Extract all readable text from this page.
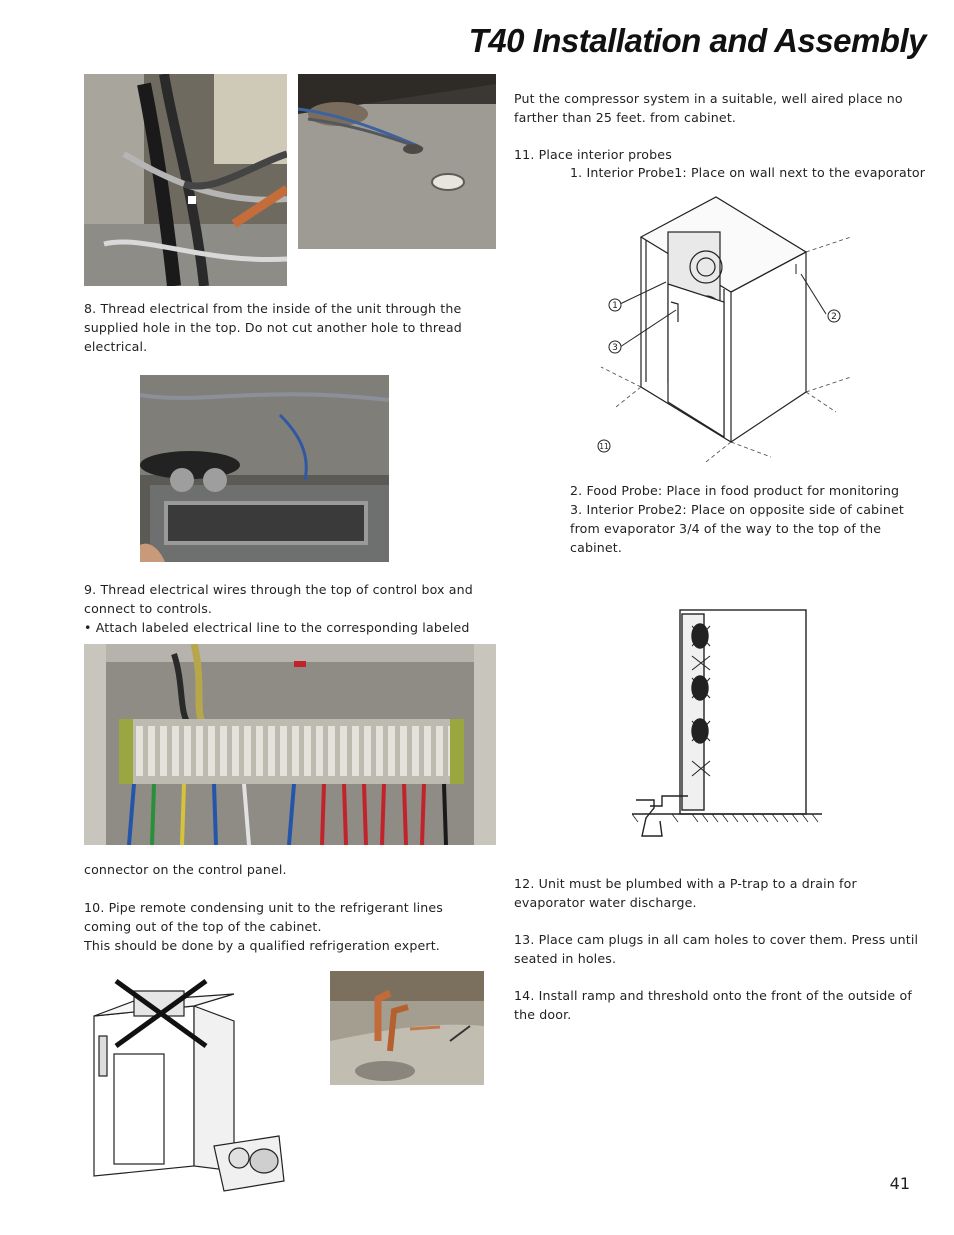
T40 Installation and Assembly
8. Thread electrical from the inside of the unit through the supplied hole in the top. Do not cut another hole to thread electrical.
9. Thread electrical wires through the top of control box and connect to controls.
• Attach labeled electrical line to the corresponding labeled
connector on the control panel.
10. Pipe remote condensing unit to the refrigerant lines coming out of the top of the cabinet.
This should be done by a qualified refrigeration expert.
Put the compressor system in a suitable, well aired place no farther than 25 feet. from cabinet.
11. Place interior probes
1. Interior Probe1: Place on wall next to the evaporator
1
2
3
11
2. Food Probe: Place in food product for monitoring
3. Interior Probe2: Place on opposite side of cabinet from evaporator 3/4 of the way to the top of the cabinet.
12. Unit must be plumbed with a P-trap to a drain for evaporator water discharge.
13. Place cam plugs in all cam holes to cover them. Press until seated in holes.
14. Install ramp and threshold onto the front of the outside of the door.
41
